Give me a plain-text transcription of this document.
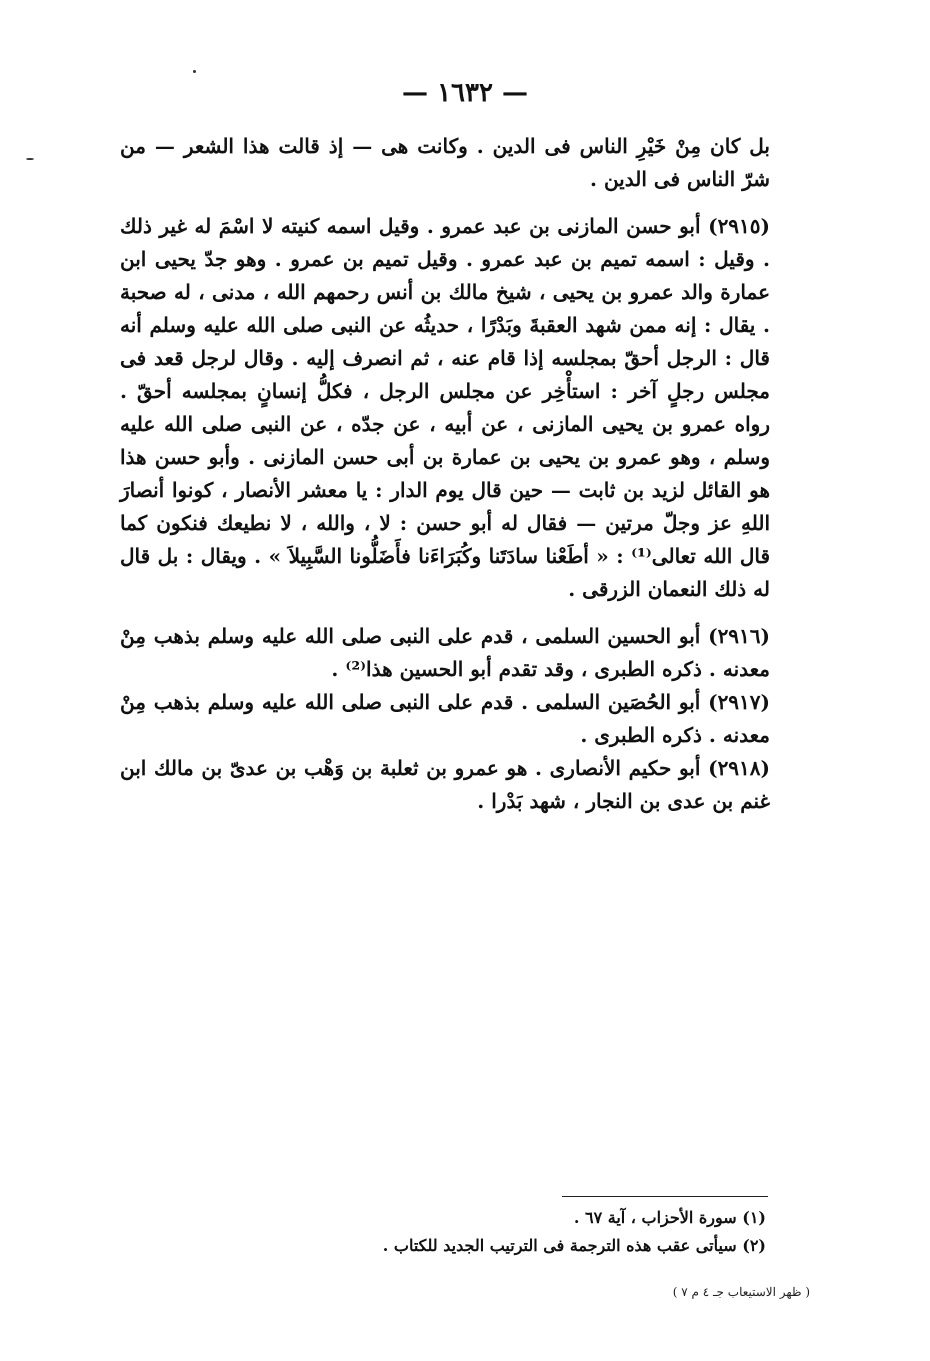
— ١٦٣٢ —

بل كان مِنْ خَيْرِ الناس فى الدين . وكانت هى — إذ قالت هذا الشعر — من شرّ الناس فى الدين .

(٢٩١٥) أبو حسن المازنى بن عبد عمرو . وقيل اسمه كنيته لا اسْمَ له غير ذلك . وقيل : اسمه تميم بن عبد عمرو . وقيل تميم بن عمرو . وهو جدّ يحيى ابن عمارة والد عمرو بن يحيى ، شيخ مالك بن أنس رحمهم الله ، مدنى ، له صحبة . يقال : إنه ممن شهد العقبةَ وبَدْرًا ، حديثُه عن النبى صلى الله عليه وسلم أنه قال : الرجل أحقّ بمجلسه إذا قام عنه ، ثم انصرف إليه . وقال لرجل قعد فى مجلس رجلٍ آخر : استأْخِر عن مجلس الرجل ، فكلُّ إنسانٍ بمجلسه أحقّ . رواه عمرو بن يحيى المازنى ، عن أبيه ، عن جدّه ، عن النبى صلى الله عليه وسلم ، وهو عمرو بن يحيى بن عمارة بن أبى حسن المازنى . وأبو حسن هذا هو القائل لزيد بن ثابت — حين قال يوم الدار : يا معشر الأنصار ، كونوا أنصارَ اللهِ عز وجلّ مرتين — فقال له أبو حسن : لا ، والله ، لا نطيعك فنكون كما قال الله تعالى⁽¹⁾ : « أطَعْنا سادَتَنا وكُبَرَاءَنا فأَضَلُّونا السَّبِيلاَ » . ويقال : بل قال له ذلك النعمان الزرقى .

(٢٩١٦) أبو الحسين السلمى ، قدم على النبى صلى الله عليه وسلم بذهب مِنْ معدنه . ذكره الطبرى ، وقد تقدم أبو الحسين هذا⁽²⁾ .

(٢٩١٧) أبو الحُصَين السلمى . قدم على النبى صلى الله عليه وسلم بذهب مِنْ معدنه . ذكره الطبرى .

(٢٩١٨) أبو حكيم الأنصارى . هو عمرو بن ثعلبة بن وَهْب بن عدىّ بن مالك ابن غنم بن عدى بن النجار ، شهد بَدْرا .

(١) سورة الأحزاب ، آية ٦٧ .
(٢) سيأتى عقب هذه الترجمة فى الترتيب الجديد للكتاب .
( ظهر الاستيعاب جـ ٤ م ٧ )
